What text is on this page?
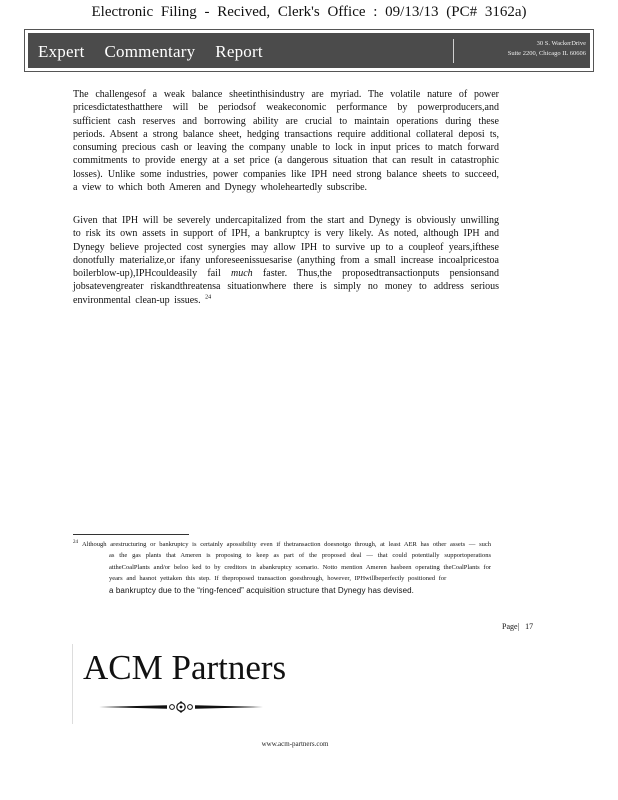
Electronic Filing - Recived, Clerk's Office : 09/13/13 (PC# 3162a)
Expert Commentary Report	30 S. WackerDrive
Suite 2200, Chicago IL 60606

The challengesof a weak balance sheetinthisindustry are myriad. The volatile nature of power pricesdictatesthatthere will be periodsof weakeconomic performance by powerproducers,and sufficient cash reserves and borrowing ability are crucial to maintain operations during these periods. Absent a strong balance sheet, hedging transactions require additional collateral deposi ts, consuming precious cash or leaving the company unable to lock in input prices to match forward commitments to provide energy at a set price (a dangerous situation that can result in catastrophic losses). Unlike some industries, power companies like IPH need strong balance sheets to succeed, a view to which both Ameren and Dynegy wholeheartedly subscribe.

Given that IPH will be severely undercapitalized from the start and Dynegy is obviously unwilling to risk its own assets in support of IPH, a bankruptcy is very likely. As noted, although IPH and Dynegy believe projected cost synergies may allow IPH to survive up to a coupleof years,ifthese donotfully materialize,or ifany unforeseenissuesarise (anything from a small increase incoalpricestoa boilerblow-up),IPHcouldeasily fail much faster. Thus,the proposedtransactionputs pensionsand jobsatevengreater riskandthreatensa situationwhere there is simply no money to address serious environmental clean-up issues. $^{24}$

24 Although arestructuring or bankruptcy is certainly apossibility even if thetransaction doesnotgo through, at least AER has other assets — such as the gas plants that Ameren is proposing to keep as part of the proposed deal — that could potentially supportoperations attheCoalPlants and/or beloo ked to by creditors in abankruptcy scenario. Notto mention Ameren hasbeen operating theCoalPlants for years and hasnot yettaken this step. If theproposed transaction goesthrough, however, IPHwillbeperfectly positioned for
a bankruptcy due to the “ring-fenced” acquisition structure that Dynegy has devised.
Page| 17
ACM Partners
www.acm-partners.com
